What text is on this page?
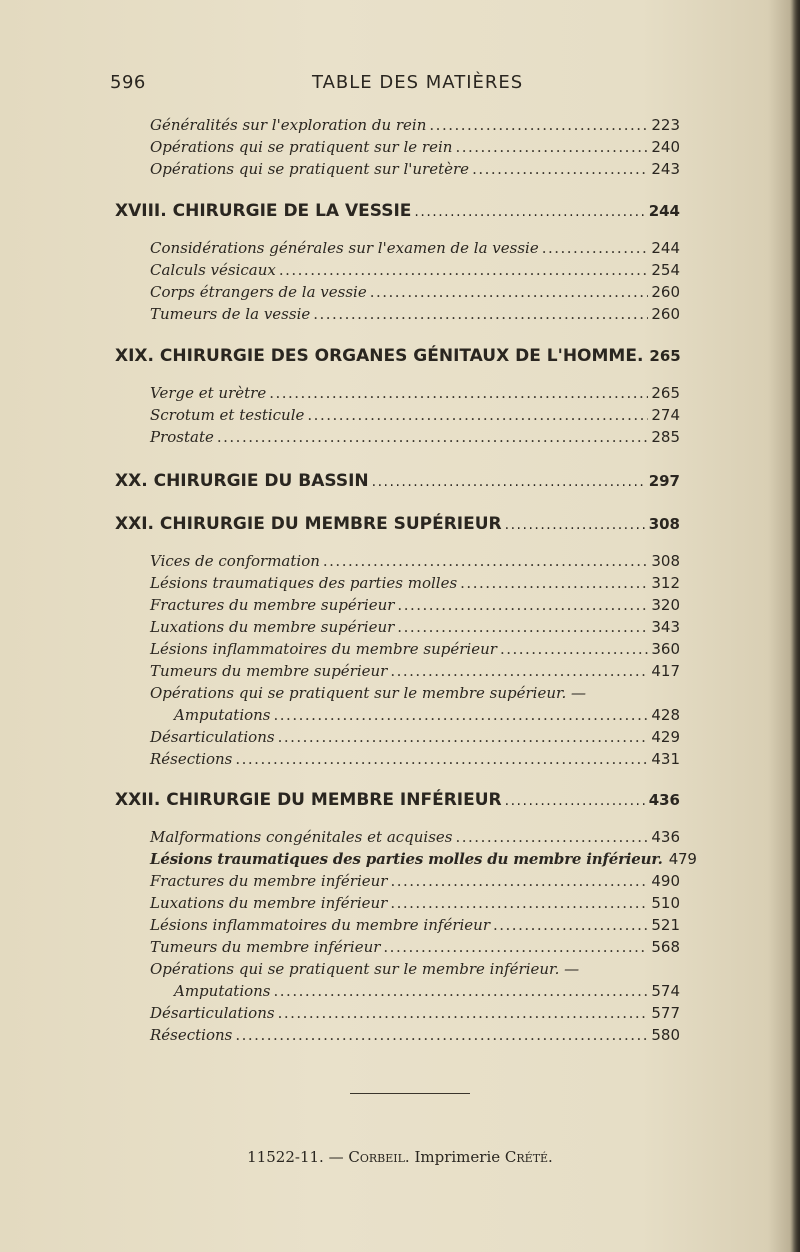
596	TABLE DES MATIÈRES
Généralités sur l'exploration du rein .....	223
Opérations qui se pratiquent sur le rein .....	240
Opérations qui se pratiquent sur l'uretère .....	243
XVIII. CHIRURGIE DE LA VESSIE .....	244
Considérations générales sur l'examen de la vessie .....	244
Calculs vésicaux .....	254
Corps étrangers de la vessie .....	260
Tumeurs de la vessie .....	260
XIX. CHIRURGIE DES ORGANES GÉNITAUX DE L'HOMME. 265
Verge et urètre .....	265
Scrotum et testicule .....	274
Prostate .....	285
XX. CHIRURGIE DU BASSIN .....	297
XXI. CHIRURGIE DU MEMBRE SUPÉRIEUR .....	308
Vices de conformation .....	308
Lésions traumatiques des parties molles .....	312
Fractures du membre supérieur .....	320
Luxations du membre supérieur .....	343
Lésions inflammatoires du membre supérieur .....	360
Tumeurs du membre supérieur .....	417
Opérations qui se pratiquent sur le membre supérieur. —
Amputations .....	428
Désarticulations .....	429
Résections .....	431
XXII. CHIRURGIE DU MEMBRE INFÉRIEUR .....	436
Malformations congénitales et acquises .....	436
Lésions traumatiques des parties molles du membre inférieur. 479
Fractures du membre inférieur .....	490
Luxations du membre inférieur .....	510
Lésions inflammatoires du membre inférieur .....	521
Tumeurs du membre inférieur .....	568
Opérations qui se pratiquent sur le membre inférieur. —
Amputations .....	574
Désarticulations .....	577
Résections .....	580
11522-11. — Corbeil. Imprimerie Crété.
